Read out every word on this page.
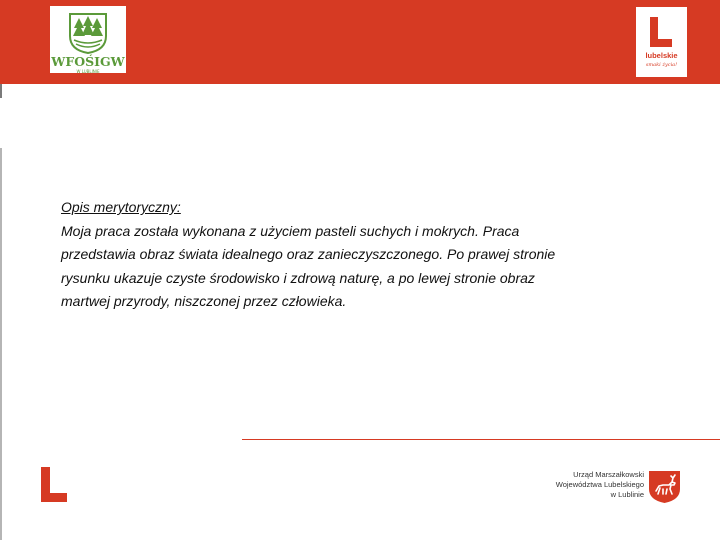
WFOŚIGW
W LUBLINIE
lubelskie
smaki życia!
Opis merytoryczny:
Moja praca została wykonana z użyciem pasteli suchych i mokrych. Praca
przedstawia obraz świata idealnego oraz zanieczyszczonego. Po prawej stronie
rysunku ukazuje czyste środowisko i zdrową naturę, a po lewej stronie obraz
martwej przyrody, niszczonej przez człowieka.
Urząd Marszałkowski
Województwa Lubelskiego
w Lublinie
